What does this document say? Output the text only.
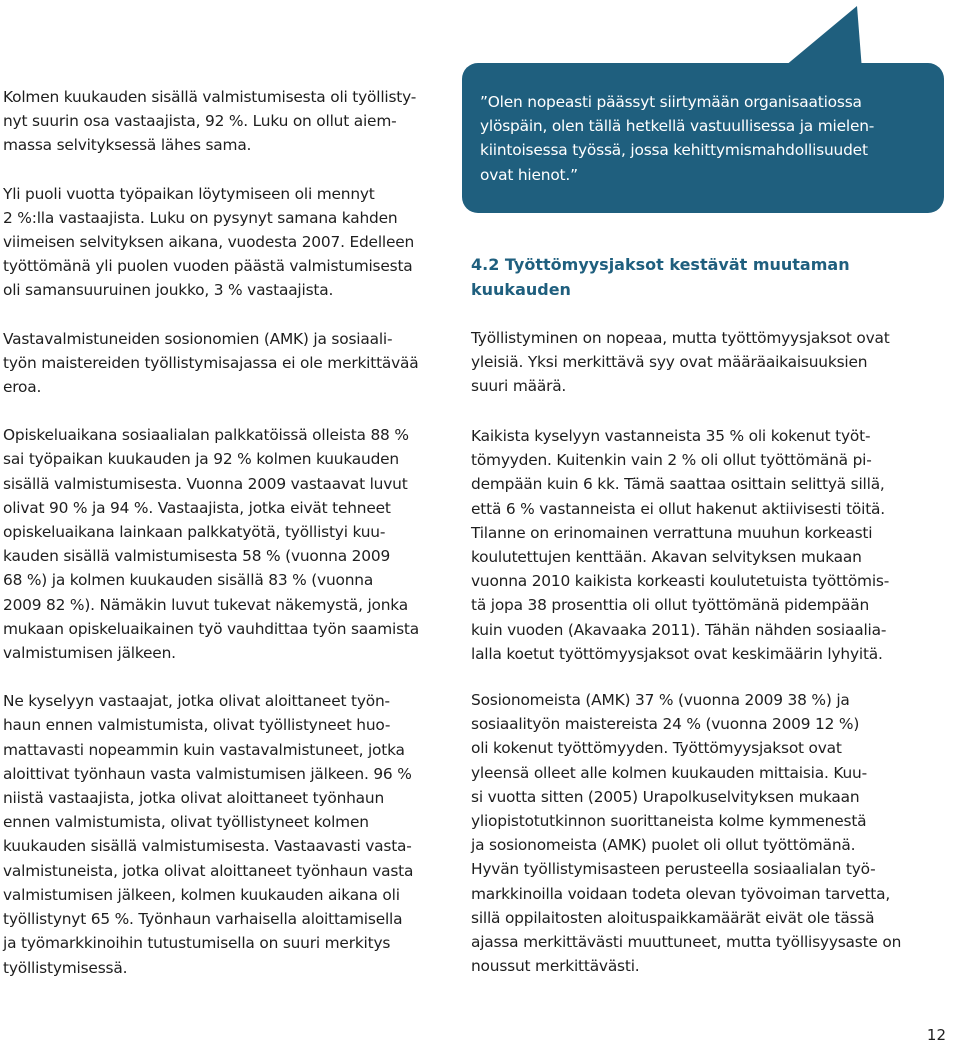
Kolmen kuukauden sisällä valmistumisesta oli työllisty-
nyt suurin osa vastaajista, 92 %. Luku on ollut aiem-
massa selvityksessä lähes sama.

Yli puoli vuotta työpaikan löytymiseen oli mennyt
2 %:lla vastaajista. Luku on pysynyt samana kahden
viimeisen selvityksen aikana, vuodesta 2007. Edelleen
työttömänä yli puolen vuoden päästä valmistumisesta
oli samansuuruinen joukko, 3 % vastaajista.

Vastavalmistuneiden sosionomien (AMK) ja sosiaali-
työn maistereiden työllistymisajassa ei ole merkittävää
eroa.

Opiskeluaikana sosiaalialan palkkatöissä olleista 88 %
sai työpaikan kuukauden ja 92 % kolmen kuukauden
sisällä valmistumisesta. Vuonna 2009 vastaavat luvut
olivat 90 % ja 94 %. Vastaajista, jotka eivät tehneet
opiskeluaikana lainkaan palkkatyötä, työllistyi kuu-
kauden sisällä valmistumisesta 58 % (vuonna 2009
68 %) ja kolmen kuukauden sisällä 83 % (vuonna
2009 82 %). Nämäkin luvut tukevat näkemystä, jonka
mukaan opiskeluaikainen työ vauhdittaa työn saamista
valmistumisen jälkeen.

Ne kyselyyn vastaajat, jotka olivat aloittaneet työn-
haun ennen valmistumista, olivat työllistyneet huo-
mattavasti nopeammin kuin vastavalmistuneet, jotka
aloittivat työnhaun vasta valmistumisen jälkeen. 96 %
niistä vastaajista, jotka olivat aloittaneet työnhaun
ennen valmistumista, olivat työllistyneet kolmen
kuukauden sisällä valmistumisesta. Vastaavasti vasta-
valmistuneista, jotka olivat aloittaneet työnhaun vasta
valmistumisen jälkeen, kolmen kuukauden aikana oli
työllistynyt 65 %. Työnhaun varhaisella aloittamisella
ja työmarkkinoihin tutustumisella on suuri merkitys
työllistymisessä.

”Olen nopeasti päässyt siirtymään organisaatiossa
ylöspäin, olen tällä hetkellä vastuullisessa ja mielen-
kiintoisessa työssä, jossa kehittymismahdollisuudet
ovat hienot.”
4.2 Työttömyysjaksot kestävät muutaman
kuukauden
Työllistyminen on nopeaa, mutta työttömyysjaksot ovat
yleisiä. Yksi merkittävä syy ovat määräaikaisuuksien
suuri määrä.
Kaikista kyselyyn vastanneista 35 % oli kokenut työt-
tömyyden. Kuitenkin vain 2 % oli ollut työttömänä pi-
dempään kuin 6 kk. Tämä saattaa osittain selittyä sillä,
että 6 % vastanneista ei ollut hakenut aktiivisesti töitä.
Tilanne on erinomainen verrattuna muuhun korkeasti
koulutettujen kenttään. Akavan selvityksen mukaan
vuonna 2010 kaikista korkeasti koulutetuista työttömis-
tä jopa 38 prosenttia oli ollut työttömänä pidempään
kuin vuoden (Akavaaka 2011). Tähän nähden sosiaalia-
lalla koetut työttömyysjaksot ovat keskimäärin lyhyitä.
Sosionomeista (AMK) 37 % (vuonna 2009 38 %) ja
sosiaalityön maistereista 24 % (vuonna 2009 12 %)
oli kokenut työttömyyden. Työttömyysjaksot ovat
yleensä olleet alle kolmen kuukauden mittaisia. Kuu-
si vuotta sitten (2005) Urapolkuselvityksen mukaan
yliopistotutkinnon suorittaneista kolme kymmenestä
ja sosionomeista (AMK) puolet oli ollut työttömänä.
Hyvän työllistymisasteen perusteella sosiaalialan työ-
markkinoilla voidaan todeta olevan työvoiman tarvetta,
sillä oppilaitosten aloituspaikkamäärät eivät ole tässä
ajassa merkittävästi muuttuneet, mutta työllisyysaste on
noussut merkittävästi.
12
